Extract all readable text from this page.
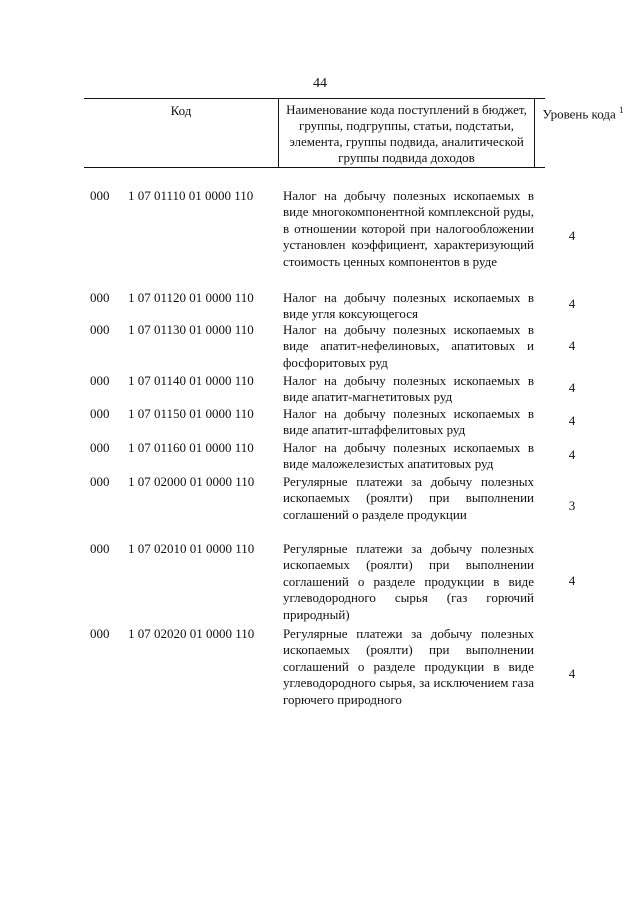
44
Код	Наименование кода поступлений в бюджет, группы, подгруппы, статьи, подстатьи, элемента, группы подвида, аналитической группы подвида доходов
Уровень кода $^1$
000 1 07 01110 01 0000 110 Налог на добычу полезных ископаемых в виде многокомпонентной комплексной руды, в отношении которой при налогообложении установлен коэффициент, характеризующий стоимость ценных компонентов в руде
4
000 1 07 01120 01 0000 110 Налог на добычу полезных ископаемых в виде угля коксующегося
4
000 1 07 01130 01 0000 110 Налог на добычу полезных ископаемых в виде апатит-нефелиновых, апатитовых и фосфоритовых руд
4
000 1 07 01140 01 0000 110 Налог на добычу полезных ископаемых в виде апатит-магнетитовых руд
4
000 1 07 01150 01 0000 110 Налог на добычу полезных ископаемых в виде апатит-штаффелитовых руд
4
000 1 07 01160 01 0000 110 Налог на добычу полезных ископаемых в виде маложелезистых апатитовых руд
4
000 1 07 02000 01 0000 110 Регулярные платежи за добычу полезных ископаемых (роялти) при выполнении соглашений о разделе продукции
3
000 1 07 02010 01 0000 110 Регулярные платежи за добычу полезных ископаемых (роялти) при выполнении соглашений о разделе продукции в виде углеводородного сырья (газ горючий природный)
4
000 1 07 02020 01 0000 110 Регулярные платежи за добычу полезных ископаемых (роялти) при выполнении соглашений о разделе продукции в виде углеводородного сырья, за исключением газа горючего природного
4
